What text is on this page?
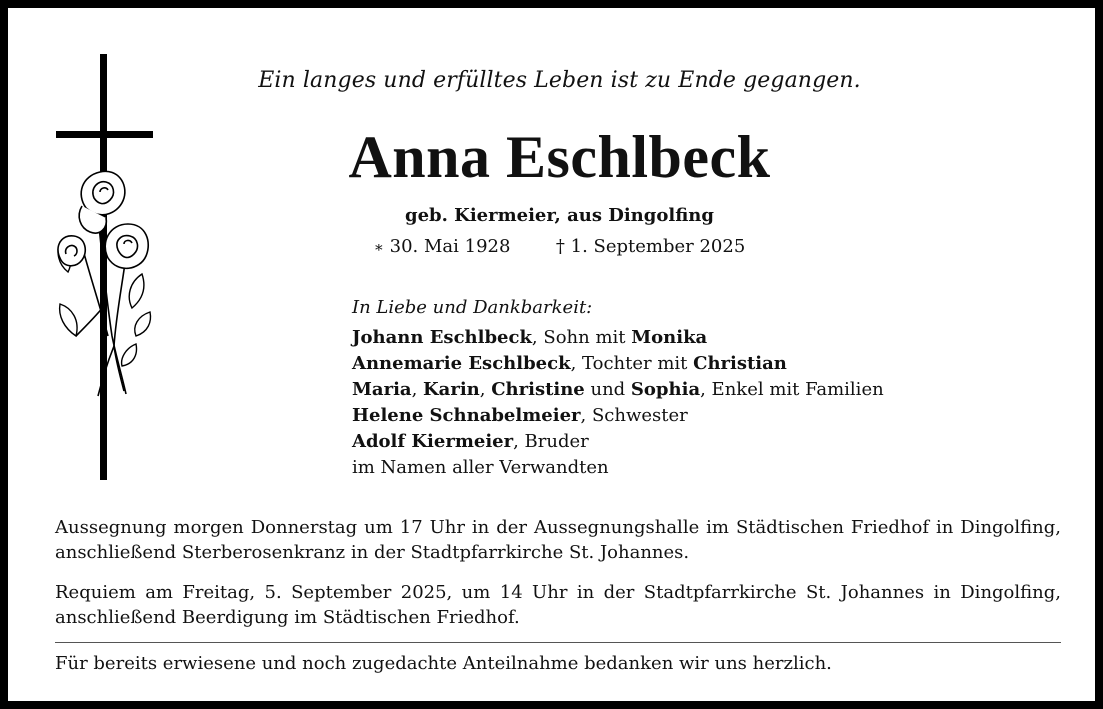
Ein langes und erfülltes Leben ist zu Ende gegangen.
Anna Eschlbeck
geb. Kiermeier, aus Dingolfing
∗ 30. Mai 1928	† 1. September 2025
In Liebe und Dankbarkeit:
Johann Eschlbeck, Sohn mit Monika
Annemarie Eschlbeck, Tochter mit Christian
Maria, Karin, Christine und Sophia, Enkel mit Familien
Helene Schnabelmeier, Schwester
Adolf Kiermeier, Bruder
im Namen aller Verwandten
Aussegnung morgen Donnerstag um 17 Uhr in der Aussegnungshalle im Städtischen Friedhof in Dingolfing, anschließend Sterberosenkranz in der Stadtpfarrkirche St. Johannes.
Requiem am Freitag, 5. September 2025, um 14 Uhr in der Stadtpfarrkirche St. Johannes in Dingolfing, anschließend Beerdigung im Städtischen Friedhof.
Für bereits erwiesene und noch zugedachte Anteilnahme bedanken wir uns herzlich.
